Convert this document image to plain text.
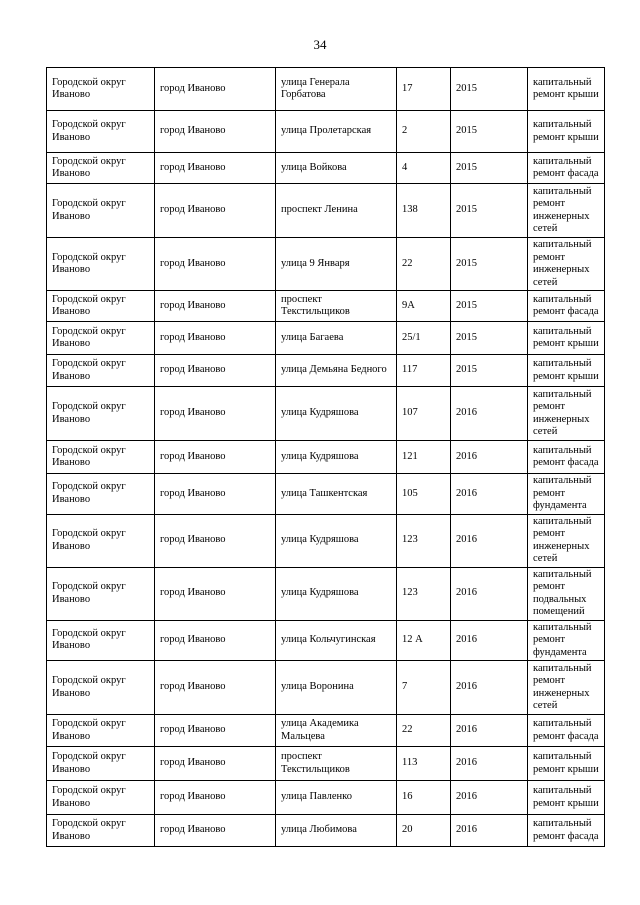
34
Городской округ Иваново	город Иваново	улица Генерала Горбатова	17	2015	капитальный ремонт крыши
Городской округ Иваново	город Иваново	улица Пролетарская	2	2015	капитальный ремонт крыши
Городской округ Иваново	город Иваново	улица Войкова	4	2015	капитальный ремонт фасада
Городской округ Иваново	город Иваново	проспект Ленина	138	2015	капитальный ремонт инженерных сетей
Городской округ Иваново	город Иваново	улица 9 Января	22	2015	капитальный ремонт инженерных сетей
Городской округ Иваново	город Иваново	проспект Текстильщиков	9А	2015	капитальный ремонт фасада
Городской округ Иваново	город Иваново	улица Багаева	25/1	2015	капитальный ремонт крыши
Городской округ Иваново	город Иваново	улица Демьяна Бедного	117	2015	капитальный ремонт крыши
Городской округ Иваново	город Иваново	улица Кудряшова	107	2016	капитальный ремонт инженерных сетей
Городской округ Иваново	город Иваново	улица Кудряшова	121	2016	капитальный ремонт фасада
Городской округ Иваново	город Иваново	улица Ташкентская	105	2016	капитальный ремонт фундамента
Городской округ Иваново	город Иваново	улица Кудряшова	123	2016	капитальный ремонт инженерных сетей
Городской округ Иваново	город Иваново	улица Кудряшова	123	2016	капитальный ремонт подвальных помещений
Городской округ Иваново	город Иваново	улица Кольчугинская	12 А	2016	капитальный ремонт фундамента
Городской округ Иваново	город Иваново	улица Воронина	7	2016	капитальный ремонт инженерных сетей
Городской округ Иваново	город Иваново	улица Академика Мальцева	22	2016	капитальный ремонт фасада
Городской округ Иваново	город Иваново	проспект Текстильщиков	113	2016	капитальный ремонт крыши
Городской округ Иваново	город Иваново	улица Павленко	16	2016	капитальный ремонт крыши
Городской округ Иваново	город Иваново	улица Любимова	20	2016	капитальный ремонт фасада
